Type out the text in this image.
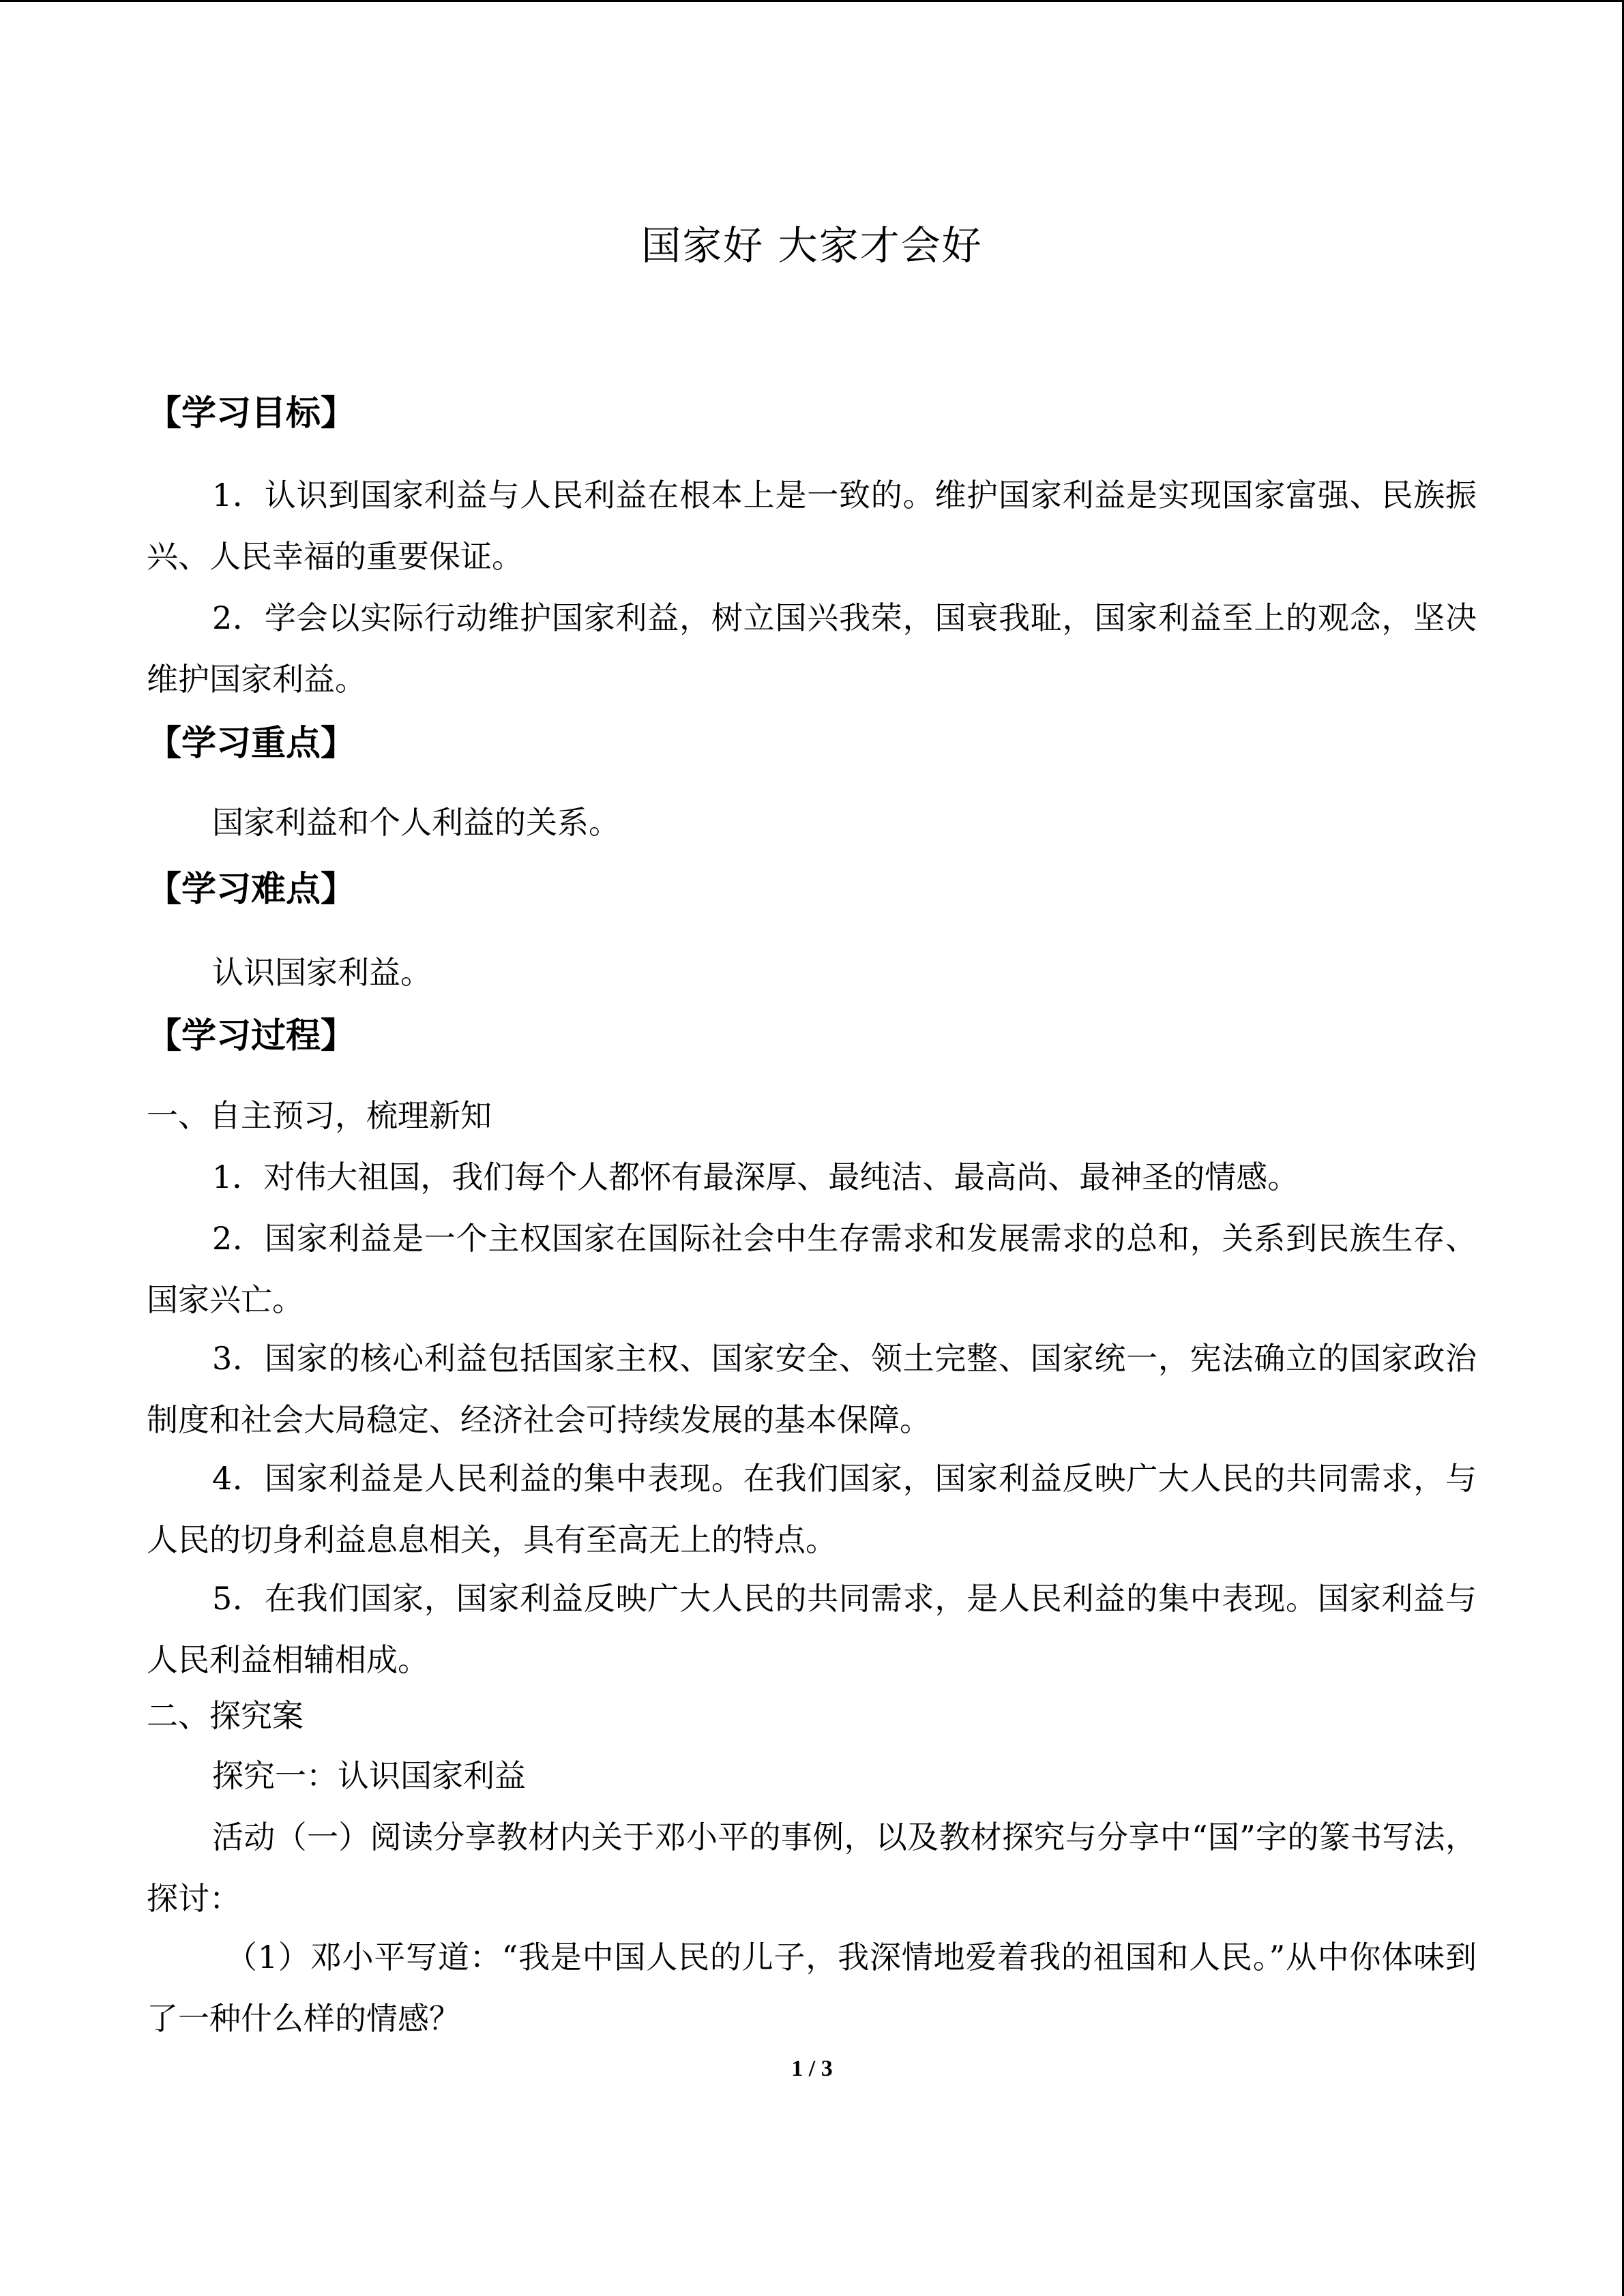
国家好 大家才会好
【学习目标】
1．认识到国家利益与人民利益在根本上是一致的。维护国家利益是实现国家富强、民族振兴、人民幸福的重要保证。
2．学会以实际行动维护国家利益，树立国兴我荣，国衰我耻，国家利益至上的观念，坚决维护国家利益。
【学习重点】
国家利益和个人利益的关系。
【学习难点】
认识国家利益。
【学习过程】
一、自主预习，梳理新知
1．对伟大祖国，我们每个人都怀有最深厚、最纯洁、最高尚、最神圣的情感。
2．国家利益是一个主权国家在国际社会中生存需求和发展需求的总和，关系到民族生存、国家兴亡。
3．国家的核心利益包括国家主权、国家安全、领土完整、国家统一，宪法确立的国家政治制度和社会大局稳定、经济社会可持续发展的基本保障。
4．国家利益是人民利益的集中表现。在我们国家，国家利益反映广大人民的共同需求，与人民的切身利益息息相关，具有至高无上的特点。
5．在我们国家，国家利益反映广大人民的共同需求，是人民利益的集中表现。国家利益与人民利益相辅相成。
二、探究案
探究一：认识国家利益
活动（一）阅读分享教材内关于邓小平的事例，以及教材探究与分享中“国”字的篆书写法，探讨：
（1）邓小平写道：“我是中国人民的儿子，我深情地爱着我的祖国和人民。”从中你体味到了一种什么样的情感？
1 / 3
